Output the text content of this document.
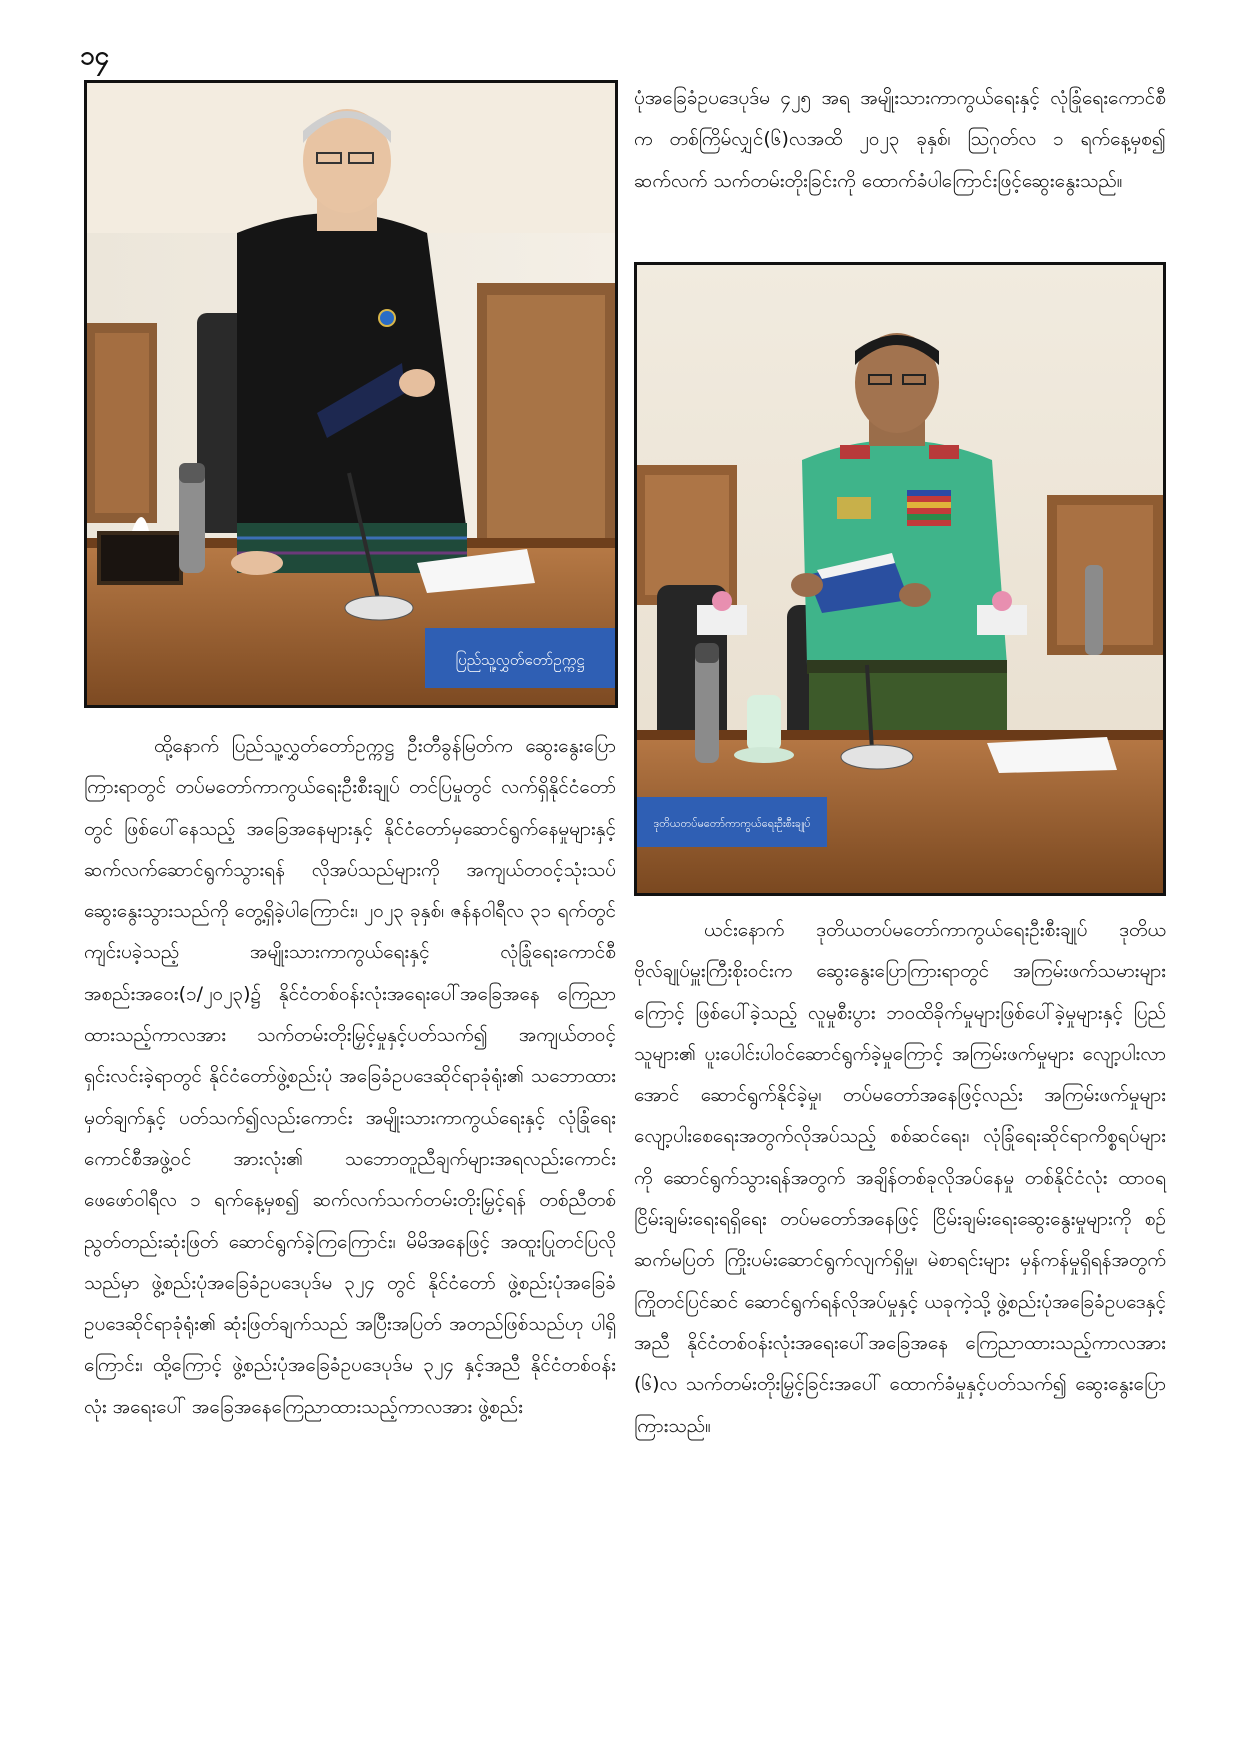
၁၄
ပြည်သူ့လွှတ်တော်ဥက္ကဋ္ဌ
ဒုတိယတပ်မတော်ကာကွယ်ရေးဦးစီးချုပ်
ပုံအခြေခံဥပဒေပုဒ်မ ၄၂၅ အရ အမျိုးသားကာကွယ်ရေးနှင့် လုံခြုံရေးကောင်စီက တစ်ကြိမ်လျှင်(၆)လအထိ ၂၀၂၃ ခုနှစ်၊ ဩဂုတ်လ ၁ ရက်နေ့မှစ၍ ဆက်လက် သက်တမ်းတိုးခြင်းကို ထောက်ခံပါကြောင်းဖြင့်ဆွေးနွေးသည်။
ထို့နောက် ပြည်သူ့လွှတ်တော်ဥက္ကဋ္ဌ ဦးတီခွန်မြတ်က ဆွေးနွေးပြောကြားရာတွင် တပ်မတော်ကာကွယ်ရေးဦးစီးချုပ် တင်ပြမှုတွင် လက်ရှိနိုင်ငံတော်တွင် ဖြစ်ပေါ်နေသည့် အခြေအနေများနှင့် နိုင်ငံတော်မှဆောင်ရွက်နေမှုများနှင့် ဆက်လက်ဆောင်ရွက်သွားရန် လိုအပ်သည်များကို အကျယ်တဝင့်သုံးသပ်ဆွေးနွေးသွားသည်ကို တွေ့ရှိခဲ့ပါကြောင်း၊ ၂၀၂၃ ခုနှစ်၊ ဇန်နဝါရီလ ၃၁ ရက်တွင် ကျင်းပခဲ့သည့် အမျိုးသားကာကွယ်ရေးနှင့် လုံခြုံရေးကောင်စီ အစည်းအဝေး(၁/၂၀၂၃)၌ နိုင်ငံတစ်ဝန်းလုံးအရေးပေါ်အခြေအနေ ကြေညာထားသည့်ကာလအား သက်တမ်းတိုးမြှင့်မှုနှင့်ပတ်သက်၍ အကျယ်တဝင့် ရှင်းလင်းခဲ့ရာတွင် နိုင်ငံတော်ဖွဲ့စည်းပုံ အခြေခံဥပဒေဆိုင်ရာခုံရုံး၏ သဘောထားမှတ်ချက်နှင့် ပတ်သက်၍လည်းကောင်း အမျိုးသားကာကွယ်ရေးနှင့် လုံခြုံရေးကောင်စီအဖွဲ့ဝင် အားလုံး၏ သဘောတူညီချက်များအရလည်းကောင်း ဖေဖော်ဝါရီလ ၁ ရက်နေ့မှစ၍ ဆက်လက်သက်တမ်းတိုးမြှင့်ရန် တစ်ညီတစ်ညွတ်တည်းဆုံးဖြတ် ဆောင်ရွက်ခဲ့ကြကြောင်း၊ မိမိအနေဖြင့် အထူးပြုတင်ပြလိုသည်မှာ ဖွဲ့စည်းပုံအခြေခံဥပဒေပုဒ်မ ၃၂၄ တွင် နိုင်ငံတော် ဖွဲ့စည်းပုံအခြေခံဥပဒေဆိုင်ရာခုံရုံး၏ ဆုံးဖြတ်ချက်သည် အပြီးအပြတ် အတည်ဖြစ်သည်ဟု ပါရှိကြောင်း၊ ထို့ကြောင့် ဖွဲ့စည်းပုံအခြေခံဥပဒေပုဒ်မ ၃၂၄ နှင့်အညီ နိုင်ငံတစ်ဝန်းလုံး အရေးပေါ် အခြေအနေကြေညာထားသည့်ကာလအား ဖွဲ့စည်း
ယင်းနောက် ဒုတိယတပ်မတော်ကာကွယ်ရေးဦးစီးချုပ် ဒုတိယဗိုလ်ချုပ်မှူးကြီးစိုးဝင်းက ဆွေးနွေးပြောကြားရာတွင် အကြမ်းဖက်သမားများကြောင့် ဖြစ်ပေါ်ခဲ့သည့် လူမှုစီးပွား ဘဝထိခိုက်မှုများဖြစ်ပေါ်ခဲ့မှုများနှင့် ပြည်သူများ၏ ပူးပေါင်းပါဝင်ဆောင်ရွက်ခဲ့မှုကြောင့် အကြမ်းဖက်မှုများ လျော့ပါးလာအောင် ဆောင်ရွက်နိုင်ခဲ့မှု၊ တပ်မတော်အနေဖြင့်လည်း အကြမ်းဖက်မှုများ လျော့ပါးစေရေးအတွက်လိုအပ်သည့် စစ်ဆင်ရေး၊ လုံခြုံရေးဆိုင်ရာကိစ္စရပ်များကို ဆောင်ရွက်သွားရန်အတွက် အချိန်တစ်ခုလိုအပ်နေမှု တစ်နိုင်ငံလုံး ထာဝရငြိမ်းချမ်းရေးရရှိရေး တပ်မတော်အနေဖြင့် ငြိမ်းချမ်းရေးဆွေးနွေးမှုများကို စဉ်ဆက်မပြတ် ကြိုးပမ်းဆောင်ရွက်လျက်ရှိမှု၊ မဲစာရင်းများ မှန်ကန်မှုရှိရန်အတွက် ကြိုတင်ပြင်ဆင် ဆောင်ရွက်ရန်လိုအပ်မှုနှင့် ယခုကဲ့သို့ ဖွဲ့စည်းပုံအခြေခံဥပဒေနှင့်အညီ နိုင်ငံတစ်ဝန်းလုံးအရေးပေါ်အခြေအနေ ကြေညာထားသည့်ကာလအား (၆)လ သက်တမ်းတိုးမြှင့်ခြင်းအပေါ် ထောက်ခံမှုနှင့်ပတ်သက်၍ ဆွေးနွေးပြောကြားသည်။
